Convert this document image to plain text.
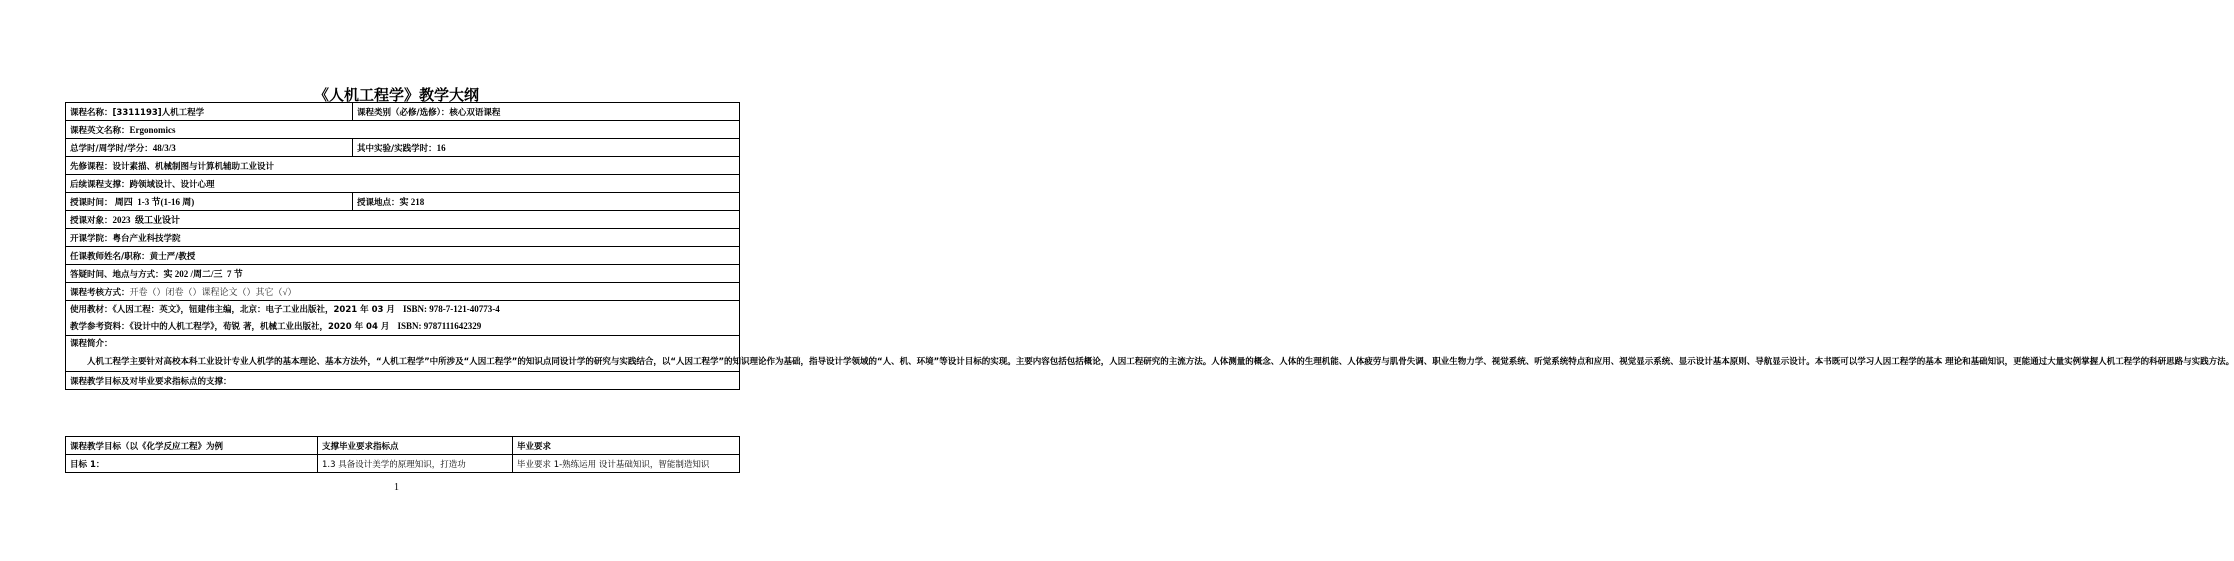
《人机工程学》教学大纲
课程名称：[3311193]人机工程学	课程类别（必修/选修）：核心双语课程
课程英文名称：Ergonomics	
总学时/周学时/学分：48/3/3	其中实验/实践学时：16
先修课程：设计素描、机械制图与计算机辅助工业设计	
后续课程支撑：跨领域设计、设计心理	
授课时间： 周四  1-3 节(1-16 周)	授课地点：实 218
授课对象：2023  级工业设计	
开课学院：粤台产业科技学院	
任课教师姓名/职称：黄士严/教授	
答疑时间、地点与方式：实 202 /周二/三  7 节	
课程考核方式：开卷（）闭卷（）课程论文（）其它（√）	

使用教材：《人因工程：英文》，钮建伟主编，北京：电子工业出版社，2021 年 03 月 ISBN: 978-7-121-40773-4
教学参考资料：《设计中的人机工程学》，荀锐 著，机械工业出版社，2020 年 04 月 ISBN: 9787111642329	

课程简介：
人机工程学主要针对高校本科工业设计专业人机学的基本理论、基本方法外，“人机工程学”中所涉及“人因工程学”的知识点同设计学的研究与实践结合，以“人因工程学”的知识理论作为基础，指导设计学领域的“人、机、环境”等设计目标的实现。主要内容包括包括概论，人因工程研究的主流方法。人体测量的概念、人体的生理机能、人体疲劳与肌骨失调、职业生物力学、视觉系统、听觉系统特点和应用、视觉显示系统、显示设计基本原则、导航显示设计。本书既可以学习人因工程学的基本 理论和基础知识，更能通过大量实例掌握人机工程学的科研思路与实践方法。	

课程教学目标及对毕业要求指标点的支撑：	
课程教学目标（以《化学反应工程》为例	支撑毕业要求指标点	毕业要求
目标 1：	1.3 具备设计美学的原理知识，打造功	毕业要求 1-熟练运用 设计基础知识，智能制造知识
1
